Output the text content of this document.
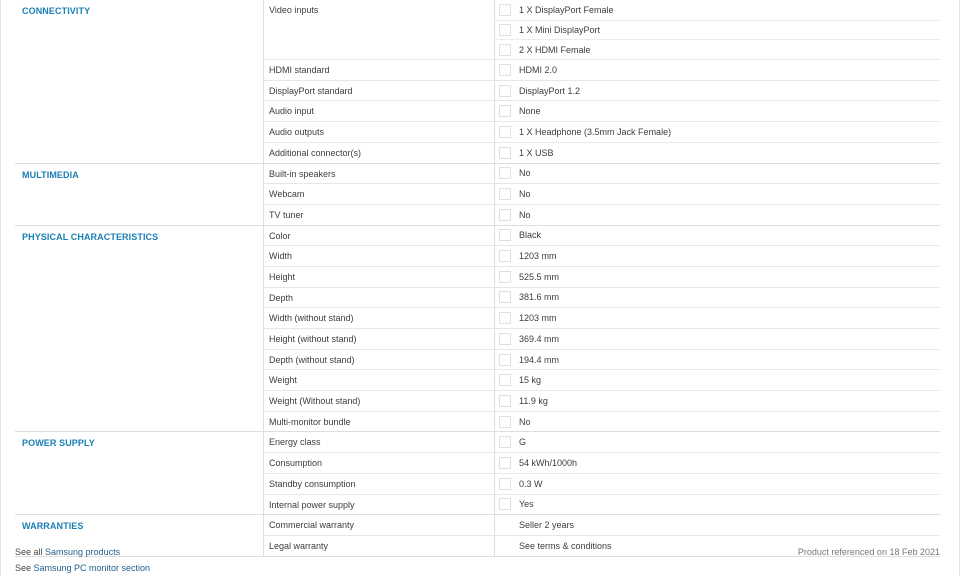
CONNECTIVITY	Video inputs	1 X DisplayPort Female
1 X Mini DisplayPort
2 X HDMI Female
HDMI standard	HDMI 2.0
DisplayPort standard	DisplayPort 1.2
Audio input	None
Audio outputs	1 X Headphone (3.5mm Jack Female)
Additional connector(s)	1 X USB
MULTIMEDIA	Built-in speakers	No
Webcam	No
TV tuner	No
PHYSICAL CHARACTERISTICS	Color	Black
Width	1203 mm
Height	525.5 mm
Depth	381.6 mm
Width (without stand)	1203 mm
Height (without stand)	369.4 mm
Depth (without stand)	194.4 mm
Weight	15 kg
Weight (Without stand)	11.9 kg
Multi-monitor bundle	No
POWER SUPPLY	Energy class	G
Consumption	54 kWh/1000h
Standby consumption	0.3 W
Internal power supply	Yes
WARRANTIES	Commercial warranty	Seller 2 years
Legal warranty	See terms & conditions
See all Samsung products
See Samsung PC monitor section
Product referenced on 18 Feb 2021
